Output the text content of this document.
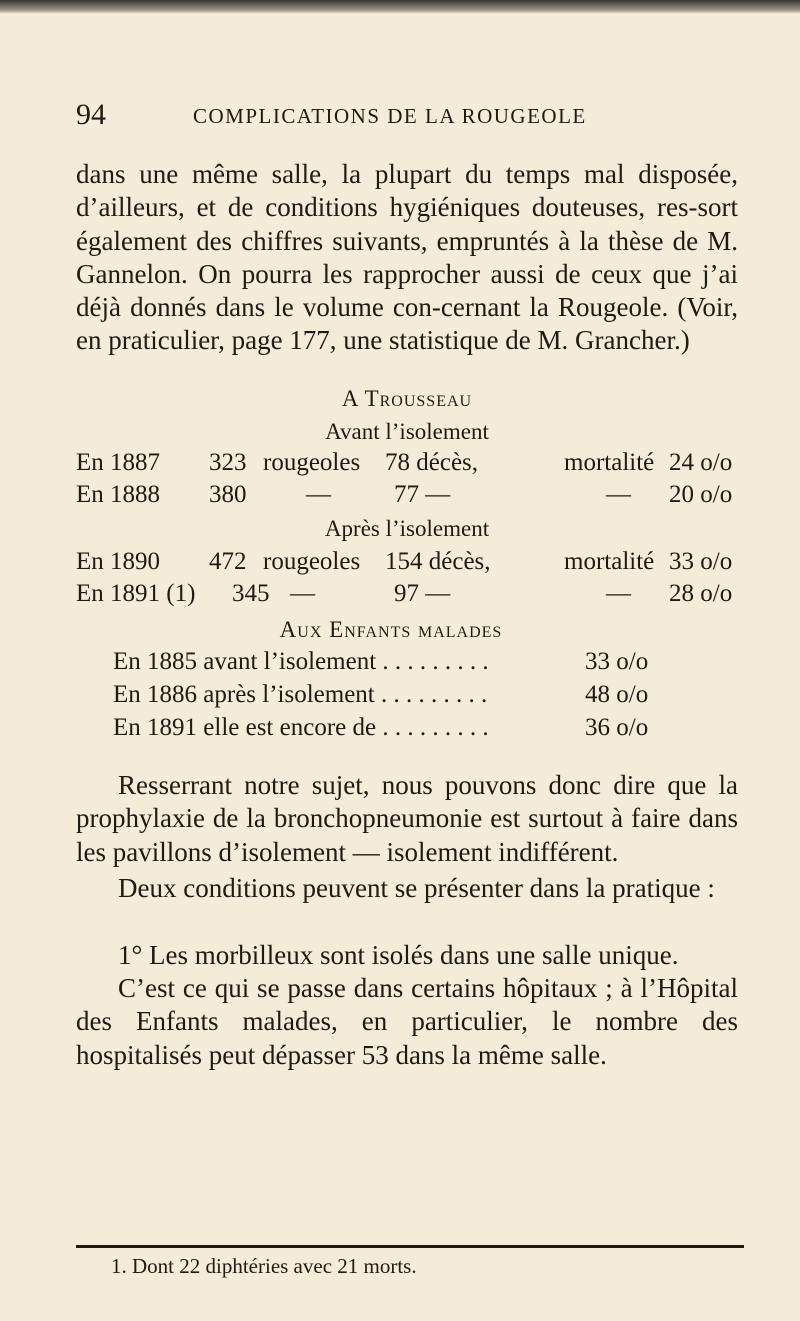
94	COMPLICATIONS DE LA ROUGEOLE

dans une même salle, la plupart du temps mal disposée, d’ailleurs, et de conditions hygiéniques douteuses, res-sort également des chiffres suivants, empruntés à la thèse de M. Gannelon. On pourra les rapprocher aussi de ceux que j’ai déjà donnés dans le volume con-cernant la Rougeole. (Voir, en praticulier, page 177, une statistique de M. Grancher.)

A Trousseau
Avant l’isolement
En 1887 323 rougeoles 78 décès,	mortalité 24 o/o
En 1888 380 —	77 —	— 20 o/o
Après l’isolement
En 1890 472 rougeoles 154 décès,	mortalité 33 o/o
En 1891 (1) 345 —	97 —	— 28 o/o
Aux Enfants malades
En 1885 avant l’isolement . . . . . . . . .	33 o/o
En 1886 après l’isolement . . . . . . . . .	48 o/o
En 1891 elle est encore de . . . . . . . . .	36 o/o

Resserrant notre sujet, nous pouvons donc dire que la prophylaxie de la bronchopneumonie est surtout à faire dans les pavillons d’isolement — isolement indifférent.

Deux conditions peuvent se présenter dans la pratique :

1° Les morbilleux sont isolés dans une salle unique.

C’est ce qui se passe dans certains hôpitaux ; à l’Hôpital des Enfants malades, en particulier, le nombre des hospitalisés peut dépasser 53 dans la même salle.

1. Dont 22 diphtéries avec 21 morts.
